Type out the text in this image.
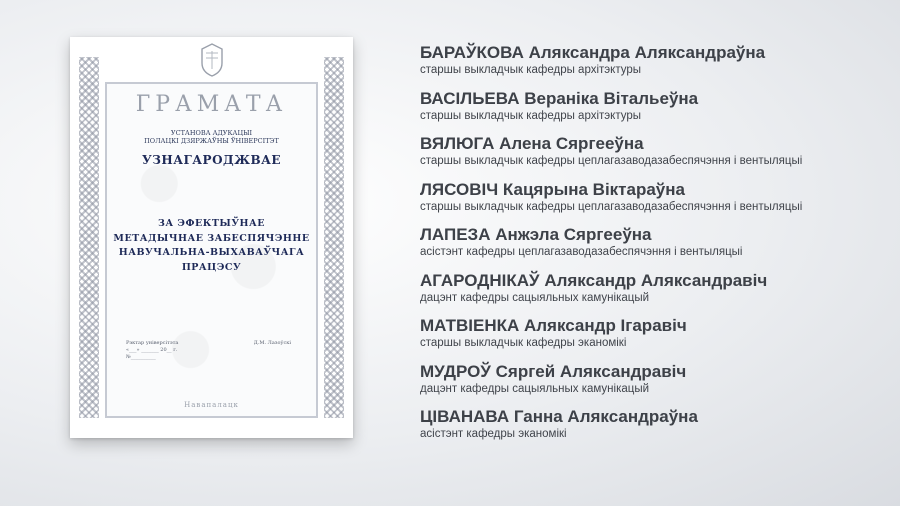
ГРАМАТА
УСТАНОВА АДУКАЦЫІ
ПОЛАЦКІ ДЗЯРЖАЎНЫ ЎНІВЕРСІТЭТ
УЗНАГАРОДЖВАЕ
ЗА ЭФЕКТЫЎНАЕ
МЕТАДЫЧНАЕ ЗАБЕСПЯЧЭННЕ
НАВУЧАЛЬНА-ВЫХАВАЎЧАГА
ПРАЦЭСУ
Рэктар універсітэта
«___» _______ 20__ г.
№__________
Д.М. Лазоўскі
Навапалацк
БАРАЎКОВА Аляксандра Аляксандраўна
старшы выкладчык кафедры архітэктуры
ВАСІЛЬЕВА Вераніка Вітальеўна
старшы выкладчык кафедры архітэктуры
ВЯЛЮГА Алена Сяргееўна
старшы выкладчык кафедры цеплагазаводазабеспячэння і вентыляцыі
ЛЯСОВІЧ Кацярына Віктараўна
старшы выкладчык кафедры цеплагазаводазабеспячэння і вентыляцыі
ЛАПЕЗА Анжэла Сяргееўна
асістэнт кафедры цеплагазаводазабеспячэння і вентыляцыі
АГАРОДНІКАЎ Аляксандр Аляксандравіч
дацэнт кафедры сацыяльных камунікацый
МАТВІЕНКА Аляксандр Ігаравіч
старшы выкладчык кафедры эканомікі
МУДРОЎ Сяргей Аляксандравіч
дацэнт кафедры сацыяльных камунікацый
ЦІВАНАВА Ганна Аляксандраўна
асістэнт кафедры эканомікі
